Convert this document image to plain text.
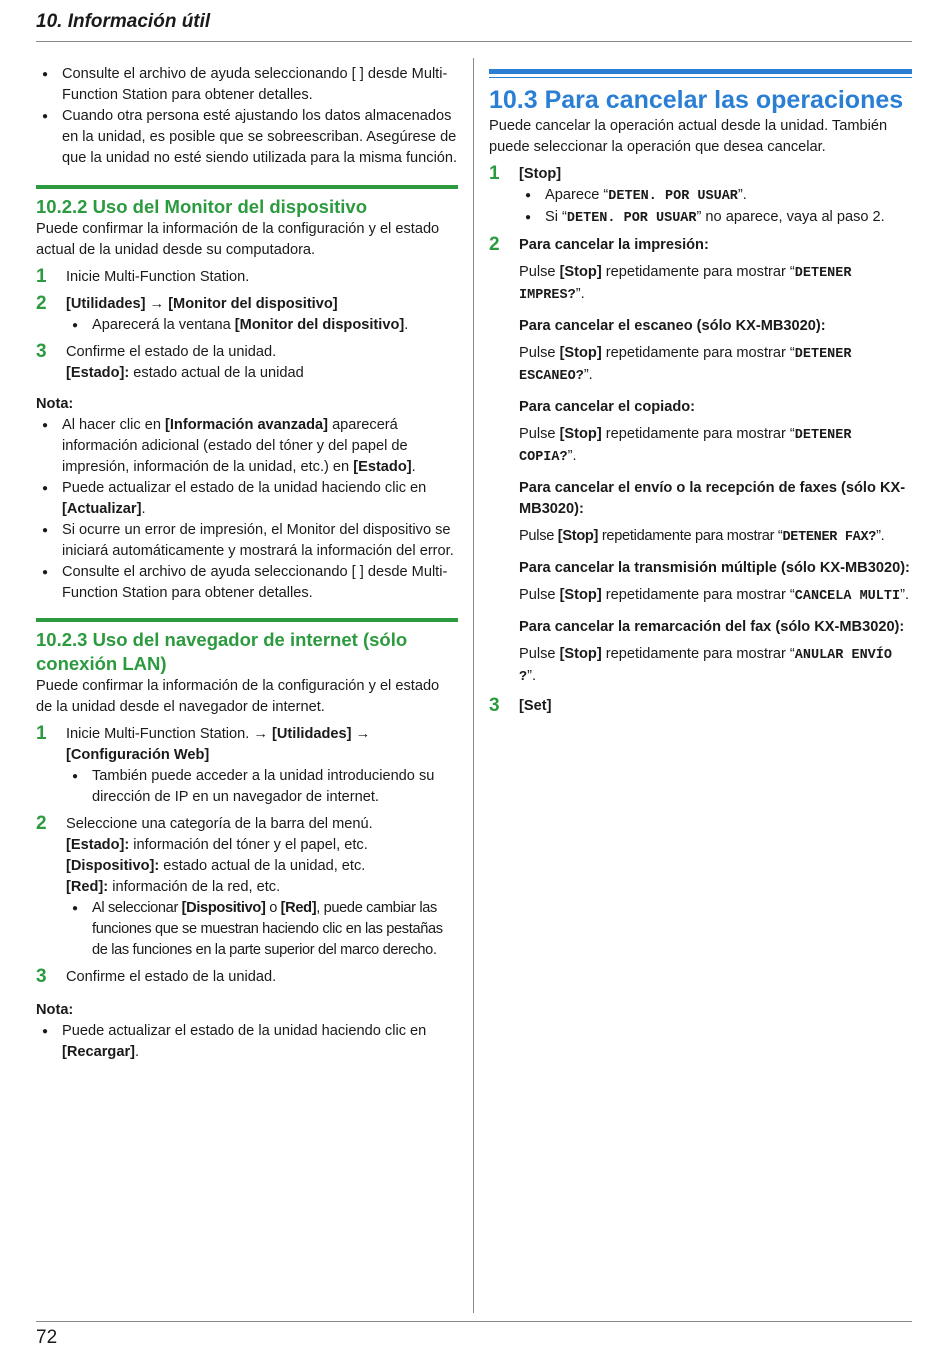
10. Información útil

● Consulte el archivo de ayuda seleccionando [ ] desde Multi-Function Station para obtener detalles.

● Cuando otra persona esté ajustando los datos almacenados en la unidad, es posible que se sobreescriban. Asegúrese de que la unidad no esté siendo utilizada para la misma función.

10.2.2 Uso del Monitor del dispositivo

Puede confirmar la información de la configuración y el estado actual de la unidad desde su computadora.

1 Inicie Multi-Function Station.

2 [Utilidades] → [Monitor del dispositivo]

● Aparecerá la ventana [Monitor del dispositivo].

3 Confirme el estado de la unidad.

[Estado]: estado actual de la unidad

Nota:

● Al hacer clic en [Información avanzada] aparecerá información adicional (estado del tóner y del papel de impresión, información de la unidad, etc.) en [Estado].

● Puede actualizar el estado de la unidad haciendo clic en [Actualizar].

● Si ocurre un error de impresión, el Monitor del dispositivo se iniciará automáticamente y mostrará la información del error.

● Consulte el archivo de ayuda seleccionando [ ] desde Multi-Function Station para obtener detalles.

10.2.3 Uso del navegador de internet (sólo conexión LAN)

Puede confirmar la información de la configuración y el estado de la unidad desde el navegador de internet.

1 Inicie Multi-Function Station. → [Utilidades] →

[Configuración Web]

● También puede acceder a la unidad introduciendo su dirección de IP en un navegador de internet.

2 Seleccione una categoría de la barra del menú.

[Estado]: información del tóner y el papel, etc.

[Dispositivo]: estado actual de la unidad, etc.

[Red]: información de la red, etc.

● Al seleccionar [Dispositivo] o [Red], puede cambiar las funciones que se muestran haciendo clic en las pestañas de las funciones en la parte superior del marco derecho.

3 Confirme el estado de la unidad.

Nota:

● Puede actualizar el estado de la unidad haciendo clic en [Recargar].

10.3 Para cancelar las operaciones

Puede cancelar la operación actual desde la unidad. También puede seleccionar la operación que desea cancelar.

1 [Stop]

● Aparece “DETEN. POR USUAR”.

● Si “DETEN. POR USUAR” no aparece, vaya al paso 2.

2 Para cancelar la impresión:

Pulse [Stop] repetidamente para mostrar “DETENER IMPRES?”.

Para cancelar el escaneo (sólo KX-MB3020):

Pulse [Stop] repetidamente para mostrar “DETENER ESCANEO?”.

Para cancelar el copiado:

Pulse [Stop] repetidamente para mostrar “DETENER COPIA?”.

Para cancelar el envío o la recepción de faxes (sólo KX-MB3020):

Pulse [Stop] repetidamente para mostrar “DETENER FAX?”.

Para cancelar la transmisión múltiple (sólo KX-MB3020):

Pulse [Stop] repetidamente para mostrar “CANCELA MULTI”.

Para cancelar la remarcación del fax (sólo KX-MB3020):

Pulse [Stop] repetidamente para mostrar “ANULAR ENVÍO ?”.

3 [Set]

72
